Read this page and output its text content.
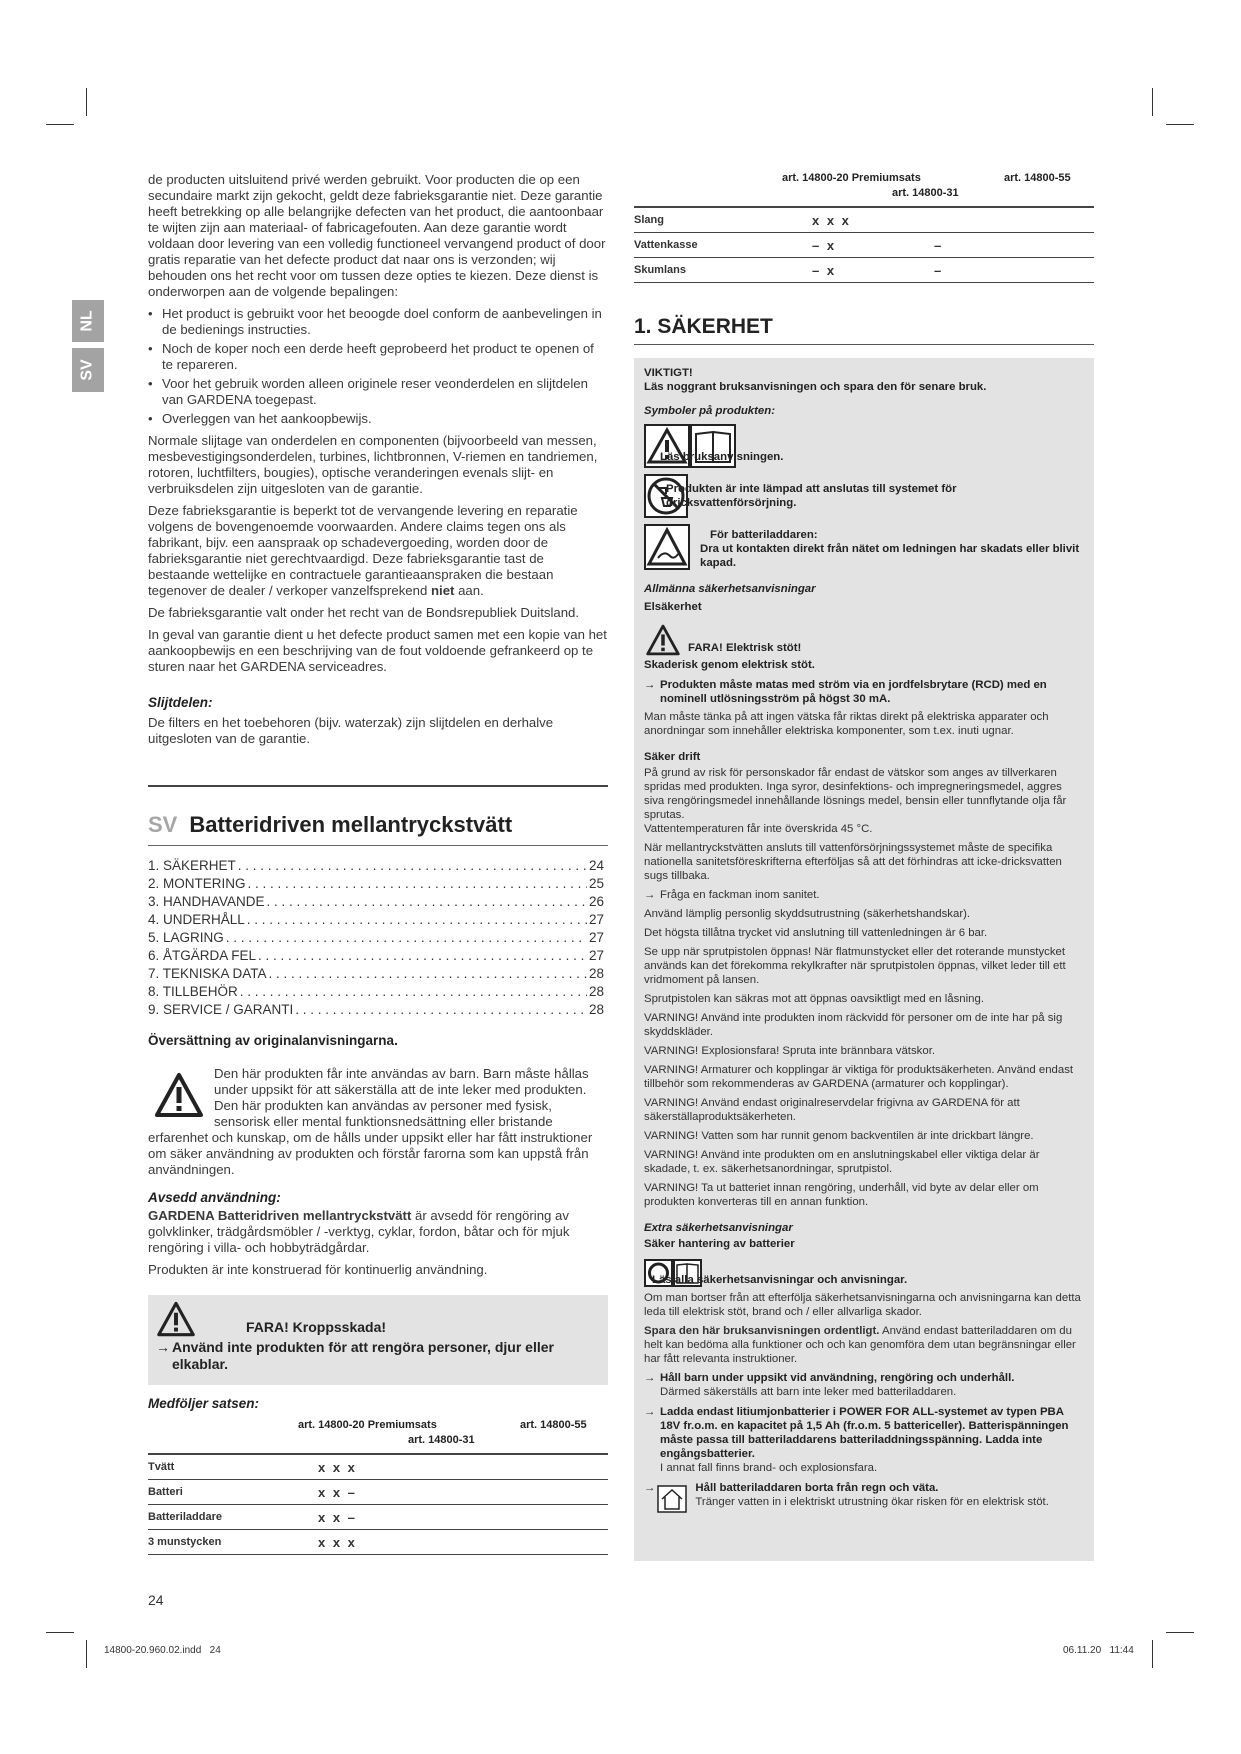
NL
SV

de producten uitsluitend privé werden gebruikt. Voor producten die op een secundaire markt zijn gekocht, geldt deze fabrieksgarantie niet. Deze garantie heeft betrekking op alle belangrijke defecten van het product, die aantoonbaar te wijten zijn aan materiaal- of fabricagefouten. Aan deze garantie wordt voldaan door levering van een volledig functioneel vervangend product of door gratis reparatie van het defecte product dat naar ons is verzonden; wij behouden ons het recht voor om tussen deze opties te kiezen. Deze dienst is onderworpen aan de volgende bepalingen:

• Het product is gebruikt voor het beoogde doel conform de aanbevelingen in de bedienings instructies.
• Noch de koper noch een derde heeft geprobeerd het product te openen of te repareren.
• Voor het gebruik worden alleen originele reser veonderdelen en slijtdelen van GARDENA toegepast.
• Overleggen van het aankoopbewijs.

Normale slijtage van onderdelen en componenten (bijvoorbeeld van messen, mesbevestigingsonderdelen, turbines, lichtbronnen, V-riemen en tandriemen, rotoren, luchtfilters, bougies), optische veranderingen evenals slijt- en verbruiksdelen zijn uitgesloten van de garantie.

Deze fabrieksgarantie is beperkt tot de vervangende levering en reparatie volgens de bovengenoemde voorwaarden. Andere claims tegen ons als fabrikant, bijv. een aanspraak op schadevergoeding, worden door de fabrieksgarantie niet gerechtvaardigd. Deze fabrieksgarantie tast de bestaande wettelijke en contractuele garantieaanspraken die bestaan tegenover de dealer / verkoper vanzelfsprekend niet aan.

De fabrieksgarantie valt onder het recht van de Bondsrepubliek Duitsland.

In geval van garantie dient u het defecte product samen met een kopie van het aankoopbewijs en een beschrijving van de fout voldoende gefrankeerd op te sturen naar het GARDENA serviceadres.

Slijtdelen:

De filters en het toebehoren (bijv. waterzak) zijn slijtdelen en derhalve uitgesloten van de garantie.

SV Batteridriven mellantryckstvätt
1. SÄKERHET . . .	24
2. MONTERING . . .	25
3. HANDHAVANDE . . .	26
4. UNDERHÅLL . . .	27
5. LAGRING . . .	27
6. ÅTGÄRDA FEL . . .	27
7. TEKNISKA DATA . . .	28
8. TILLBEHÖR . . .	28
9. SERVICE / GARANTI . . .	28
Översättning av originalanvisningarna.

Den här produkten får inte användas av barn. Barn måste hållas under uppsikt för att säkerställa att de inte leker med produkten. Den här produkten kan användas av personer med fysisk, sensorisk eller mental funktionsnedsättning eller bristande erfarenhet och kunskap, om de hålls under uppsikt eller har fått instruktioner om säker användning av produkten och förstår farorna som kan uppstå från användningen.

Avsedd användning:

GARDENA Batteridriven mellantryckstvätt är avsedd för rengöring av golvklinker, trädgårdsmöbler / -verktyg, cyklar, fordon, båtar och för mjuk rengöring i villa- och hobbyträdgårdar.

Produkten är inte konstruerad för kontinuerlig användning.

FARA! Kroppsskada!
→ Använd inte produkten för att rengöra personer, djur eller elkablar.
Medföljer satsen:
art. 14800-20 Premiumsats
art. 14800-31
art. 14800-55
Tvätt	x x x
Batteri	x x –
Batteriladdare	x x –
3 munstycken	x x x
24
art. 14800-20 Premiumsats
art. 14800-31
art. 14800-55
Slang	x x x	
Vattenkasse	– x	–
Skumlans	– x	–
1. SÄKERHET
VIKTIGT!
Läs noggrant bruksanvisningen och spara den för senare bruk.
Symboler på produkten:
Läs bruksanvisningen.
Produkten är inte lämpad att anslutas till systemet för dricksvattenförsörjning.
För batteriladdaren:
Dra ut kontakten direkt från nätet om ledningen har skadats eller blivit kapad.
Allmänna säkerhetsanvisningar
Elsäkerhet
FARA! Elektrisk stöt!
Skaderisk genom elektrisk stöt.
→ Produkten måste matas med ström via en jordfelsbrytare (RCD) med en nominell utlösningsström på högst 30 mA.

Man måste tänka på att ingen vätska får riktas direkt på elektriska apparater och anordningar som innehåller elektriska komponenter, som t.ex. inuti ugnar.

Säker drift

På grund av risk för personskador får endast de vätskor som anges av tillverkaren spridas med produkten. Inga syror, desinfektions- och impregneringsmedel, aggres siva rengöringsmedel innehållande lösnings medel, bensin eller tunnflytande olja får sprutas.
Vattentemperaturen får inte överskrida 45 °C.

När mellantryckstvätten ansluts till vattenförsörjningssystemet måste de specifika nationella sanitetsföreskrifterna efterföljas så att det förhindras att icke-dricksvatten sugs tillbaka.

→ Fråga en fackman inom sanitet.

Använd lämplig personlig skyddsutrustning (säkerhetshandskar).

Det högsta tillåtna trycket vid anslutning till vattenledningen är 6 bar.

Se upp när sprutpistolen öppnas! När flatmunstycket eller det roterande munstycket används kan det förekomma rekylkrafter när sprutpistolen öppnas, vilket leder till ett vridmoment på lansen.

Sprutpistolen kan säkras mot att öppnas oavsiktligt med en låsning.

VARNING! Använd inte produkten inom räckvidd för personer om de inte har på sig skyddskläder.

VARNING! Explosionsfara! Spruta inte brännbara vätskor.

VARNING! Armaturer och kopplingar är viktiga för produktsäkerheten. Använd endast tillbehör som rekommenderas av GARDENA (armaturer och kopplingar).

VARNING! Använd endast originalreservdelar frigivna av GARDENA för att säkerställaproduktsäkerheten.

VARNING! Vatten som har runnit genom backventilen är inte drickbart längre.

VARNING! Använd inte produkten om en anslutningskabel eller viktiga delar är skadade, t. ex. säkerhetsanordningar, sprutpistol.

VARNING! Ta ut batteriet innan rengöring, underhåll, vid byte av delar eller om produkten konverteras till en annan funktion.

Extra säkerhetsanvisningar
Säker hantering av batterier
Läs alla säkerhetsanvisningar och anvisningar.

Om man bortser från att efterfölja säkerhetsanvisningarna och anvisningarna kan detta leda till elektrisk stöt, brand och / eller allvarliga skador.

Spara den här bruksanvisningen ordentligt. Använd endast batteriladdaren om du helt kan bedöma alla funktioner och och kan genomföra dem utan begränsningar eller har fått relevanta instruktioner.

→ Håll barn under uppsikt vid användning, rengöring och underhåll.
Därmed säkerställs att barn inte leker med batteriladdaren.
→ Ladda endast litiumjonbatterier i POWER FOR ALL-systemet av typen PBA 18V fr.o.m. en kapacitet på 1,5 Ah (fr.o.m. 5 battericeller). Batterispänningen måste passa till batteriladdarens batteriladdningsspänning. Ladda inte engångsbatterier.
I annat fall finns brand- och explosionsfara.
→	Håll batteriladdaren borta från regn och väta.
Tränger vatten in i elektriskt utrustning ökar risken för en elektrisk stöt.
14800-20.960.02.indd   24	06.11.20   11:44
